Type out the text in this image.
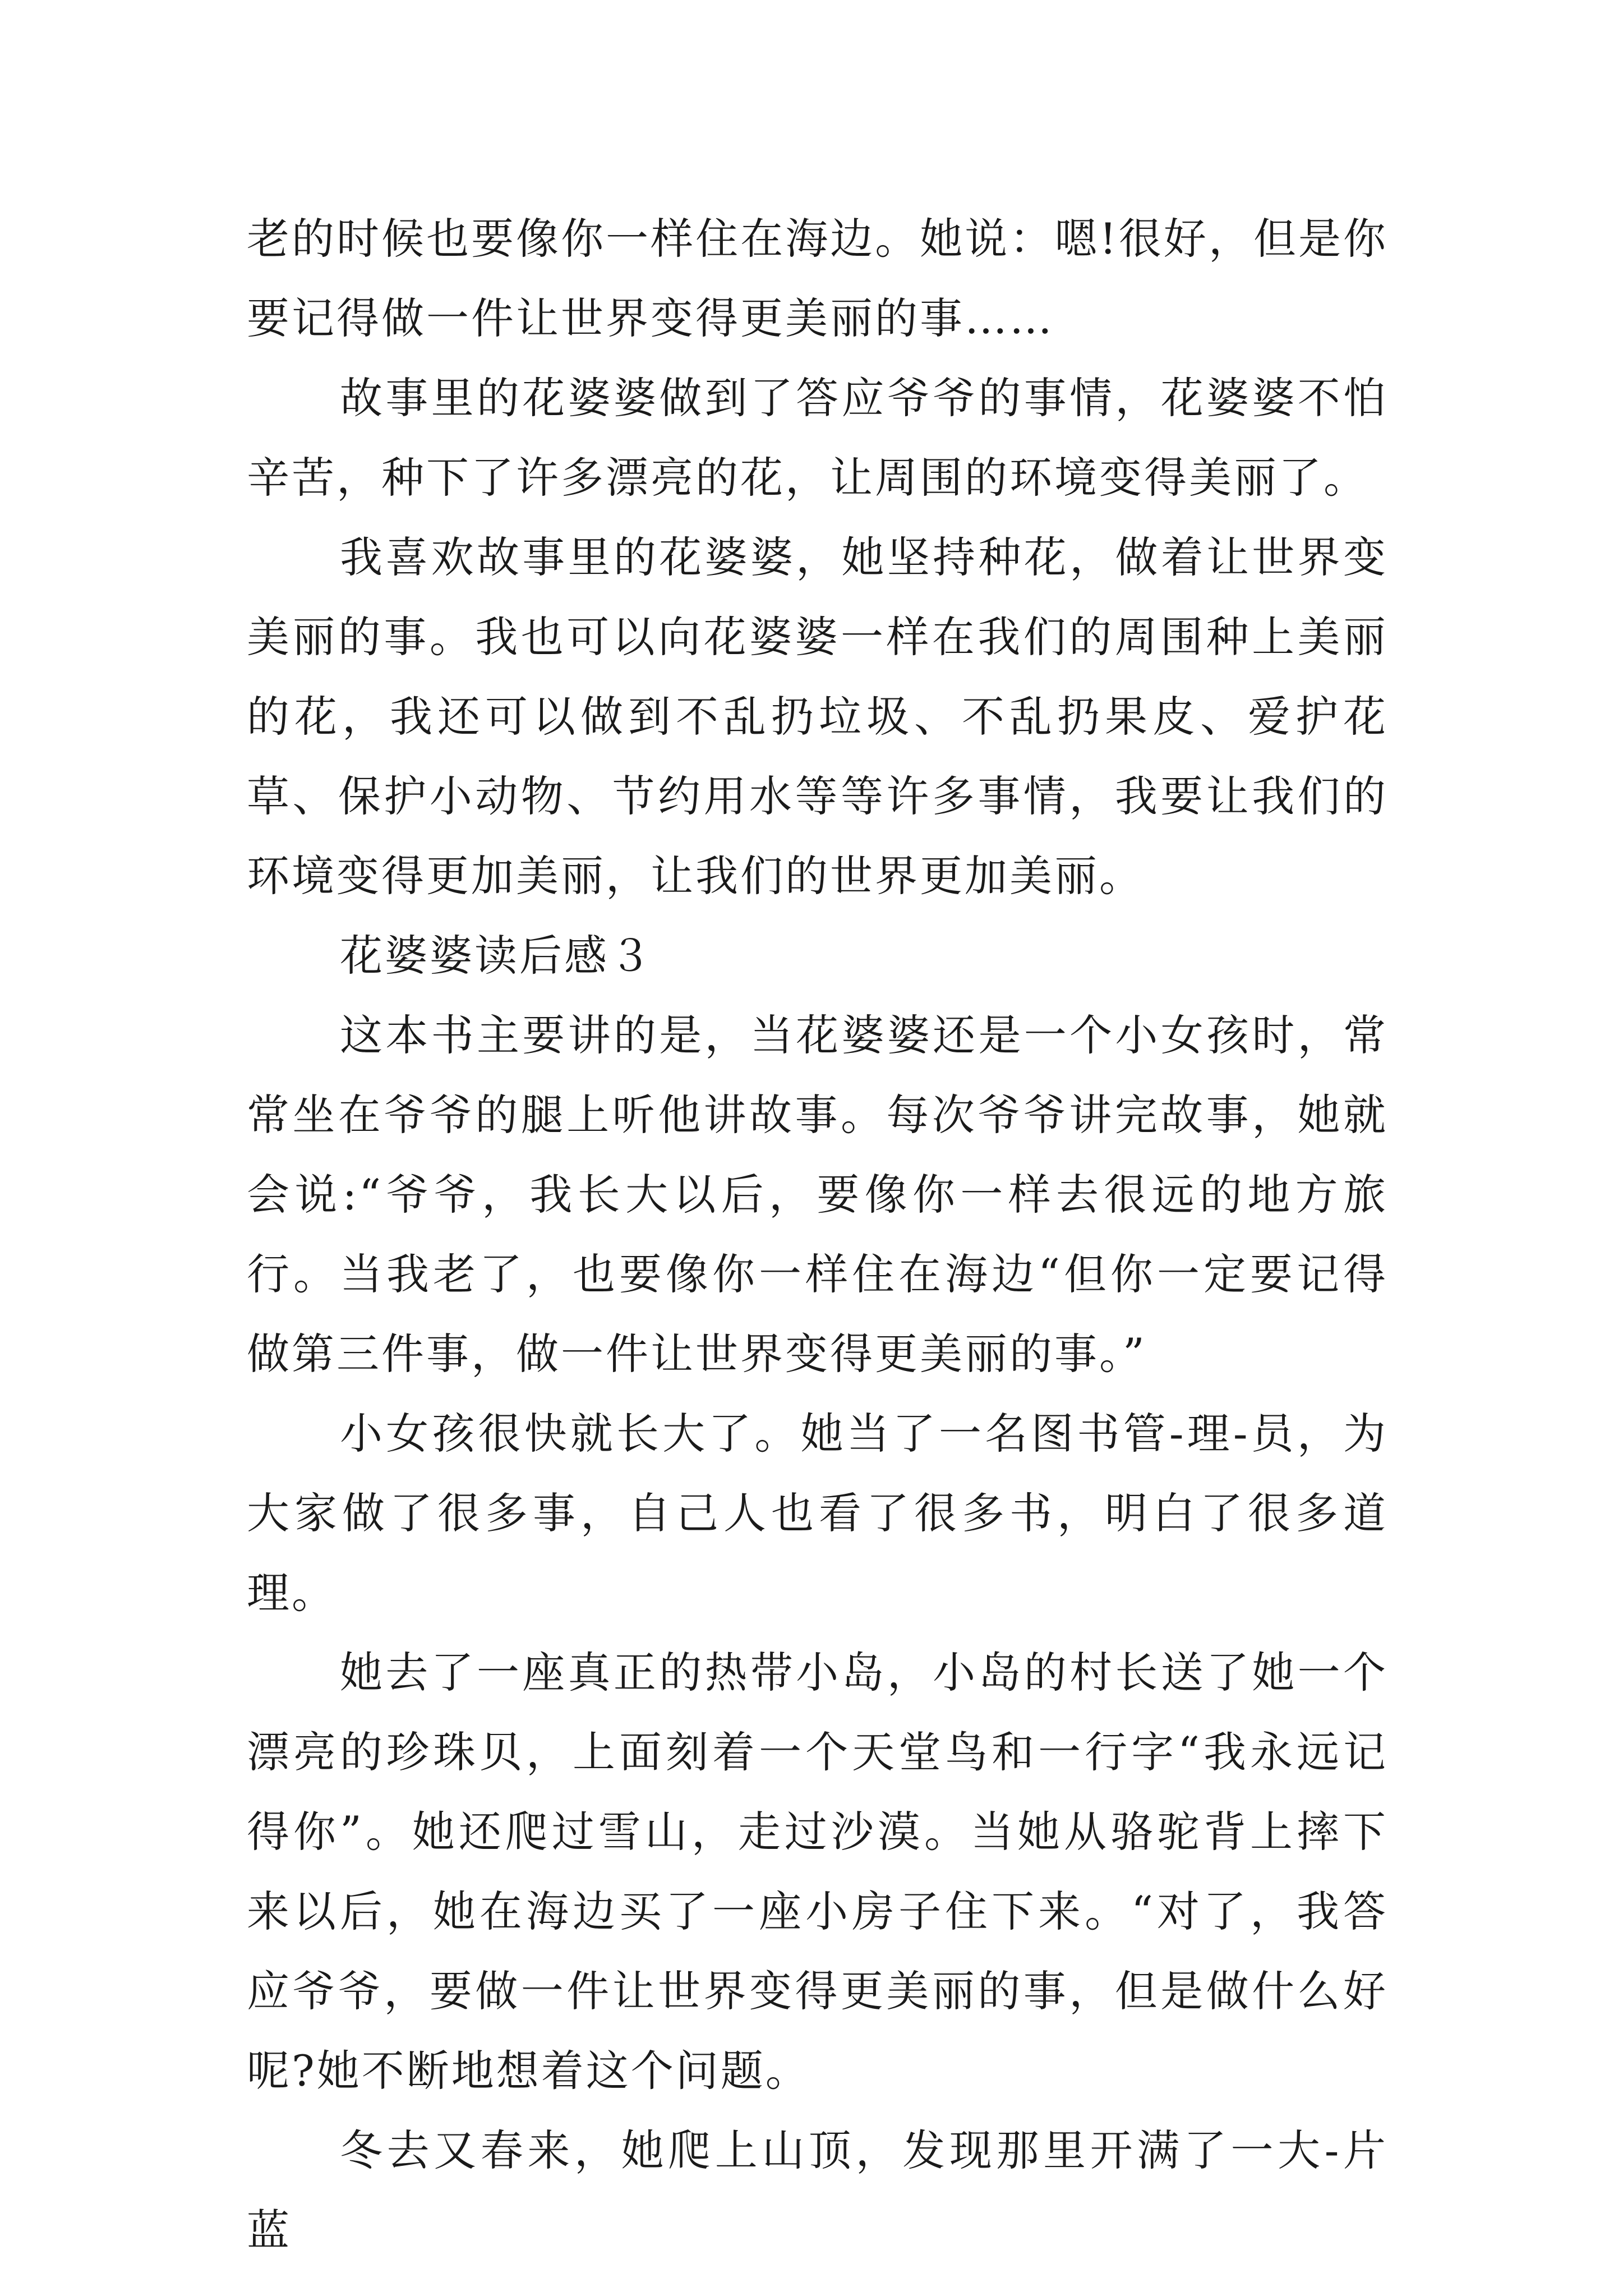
老的时候也要像你一样住在海边。她说：嗯!很好，但是你要记得做一件让世界变得更美丽的事……

故事里的花婆婆做到了答应爷爷的事情，花婆婆不怕辛苦，种下了许多漂亮的花，让周围的环境变得美丽了。

我喜欢故事里的花婆婆，她坚持种花，做着让世界变美丽的事。我也可以向花婆婆一样在我们的周围种上美丽的花，我还可以做到不乱扔垃圾、不乱扔果皮、爱护花草、保护小动物、节约用水等等许多事情，我要让我们的环境变得更加美丽，让我们的世界更加美丽。

花婆婆读后感３

这本书主要讲的是，当花婆婆还是一个小女孩时，常常坐在爷爷的腿上听他讲故事。每次爷爷讲完故事，她就会说:“爷爷，我长大以后，要像你一样去很远的地方旅行。当我老了，也要像你一样住在海边“但你一定要记得做第三件事，做一件让世界变得更美丽的事。”

小女孩很快就长大了。她当了一名图书管-理-员，为大家做了很多事，自己人也看了很多书，明白了很多道理。

她去了一座真正的热带小岛，小岛的村长送了她一个漂亮的珍珠贝，上面刻着一个天堂鸟和一行字“我永远记得你”。她还爬过雪山，走过沙漠。当她从骆驼背上摔下来以后，她在海边买了一座小房子住下来。“对了，我答应爷爷，要做一件让世界变得更美丽的事，但是做什么好呢?她不断地想着这个问题。

冬去又春来，她爬上山顶，发现那里开满了一大-片蓝
